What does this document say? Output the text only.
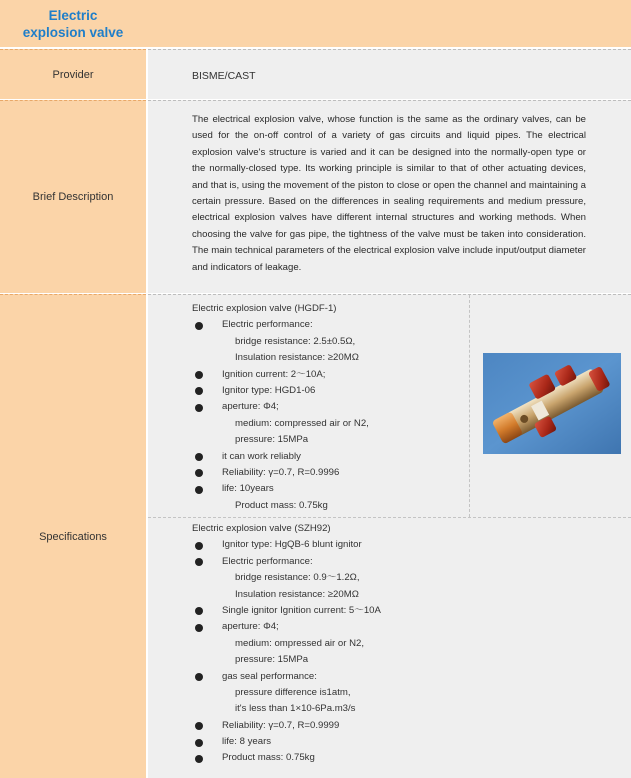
Electric
explosion valve
Provider	BISME/CAST
Brief Description
The electrical explosion valve, whose function is the same as the ordinary valves, can be used for the on-off control of a variety of gas circuits and liquid pipes. The electrical explosion valve's structure is varied and it can be designed into the normally-open type or the normally-closed type. Its working principle is similar to that of other actuating devices, and that is, using the movement of the piston to close or open the channel and maintaining a certain pressure. Based on the differences in sealing requirements and medium pressure, electrical explosion valves have different internal structures and working methods. When choosing the valve for gas pipe, the tightness of the valve must be taken into consideration. The main technical parameters of the electrical explosion valve include input/output diameter and indicators of leakage.
Specifications
Electric explosion valve (HGDF-1)
Electric performance:
bridge resistance: 2.5±0.5Ω,
Insulation resistance: ≥20MΩ
Ignition current: 2～10A;
Ignitor type: HGD1-06
aperture: Φ4;
medium: compressed air or N2,
pressure: 15MPa
it can work reliably
Reliability: γ=0.7, R=0.9996
life: 10years
Product mass: 0.75kg
Electric explosion valve (SZH92)
Ignitor type: HgQB-6 blunt ignitor
Electric performance:
bridge resistance: 0.9～1.2Ω,
Insulation resistance: ≥20MΩ
Single ignitor Ignition current: 5～10A
aperture: Φ4;
medium: ompressed air or N2,
pressure: 15MPa
gas seal performance:
pressure difference is1atm,
it's less than 1×10-6Pa.m3/s
Reliability: γ=0.7, R=0.9999
life: 8 years
Product mass: 0.75kg
